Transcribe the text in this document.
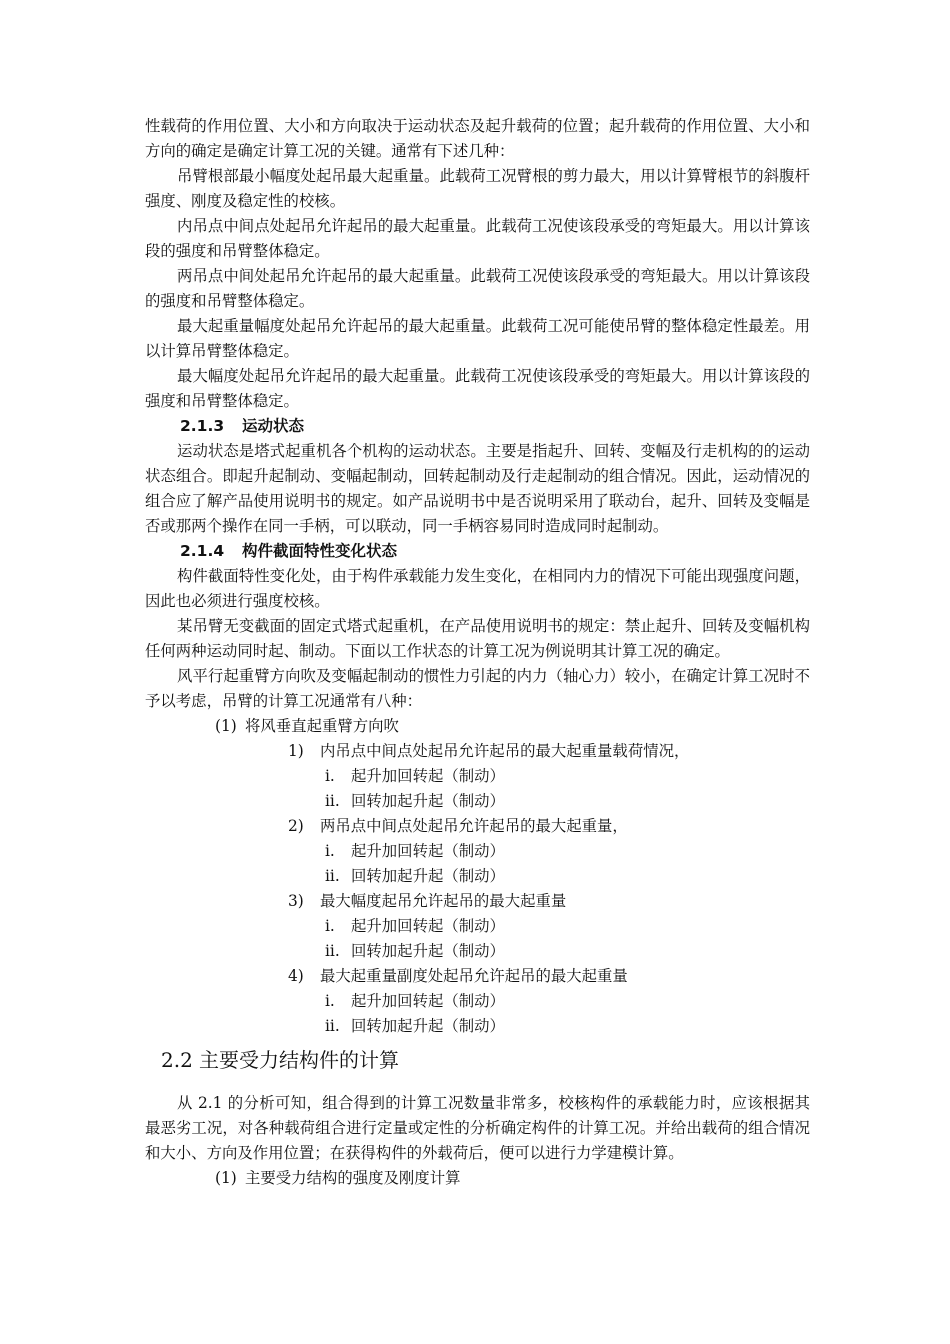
性载荷的作用位置、大小和方向取决于运动状态及起升载荷的位置；起升载荷的作用位置、大小和方向的确定是确定计算工况的关键。通常有下述几种：

吊臂根部最小幅度处起吊最大起重量。此载荷工况臂根的剪力最大，用以计算臂根节的斜腹杆强度、刚度及稳定性的校核。

内吊点中间点处起吊允许起吊的最大起重量。此载荷工况使该段承受的弯矩最大。用以计算该段的强度和吊臂整体稳定。

两吊点中间处起吊允许起吊的最大起重量。此载荷工况使该段承受的弯矩最大。用以计算该段的强度和吊臂整体稳定。

最大起重量幅度处起吊允许起吊的最大起重量。此载荷工况可能使吊臂的整体稳定性最差。用以计算吊臂整体稳定。

最大幅度处起吊允许起吊的最大起重量。此载荷工况使该段承受的弯矩最大。用以计算该段的强度和吊臂整体稳定。

2.1.3 运动状态

运动状态是塔式起重机各个机构的运动状态。主要是指起升、回转、变幅及行走机构的的运动状态组合。即起升起制动、变幅起制动，回转起制动及行走起制动的组合情况。因此，运动情况的组合应了解产品使用说明书的规定。如产品说明书中是否说明采用了联动台，起升、回转及变幅是否或那两个操作在同一手柄，可以联动，同一手柄容易同时造成同时起制动。

2.1.4 构件截面特性变化状态

构件截面特性变化处，由于构件承载能力发生变化，在相同内力的情况下可能出现强度问题，因此也必须进行强度校核。

某吊臂无变截面的固定式塔式起重机，在产品使用说明书的规定：禁止起升、回转及变幅机构任何两种运动同时起、制动。下面以工作状态的计算工况为例说明其计算工况的确定。

风平行起重臂方向吹及变幅起制动的惯性力引起的内力（轴心力）较小，在确定计算工况时不予以考虑，吊臂的计算工况通常有八种：

(1) 将风垂直起重臂方向吹
1) 内吊点中间点处起吊允许起吊的最大起重量载荷情况，
i. 起升加回转起（制动）
ii. 回转加起升起（制动）
2) 两吊点中间点处起吊允许起吊的最大起重量，
i. 起升加回转起（制动）
ii. 回转加起升起（制动）
3) 最大幅度起吊允许起吊的最大起重量
i. 起升加回转起（制动）
ii. 回转加起升起（制动）
4) 最大起重量副度处起吊允许起吊的最大起重量
i. 起升加回转起（制动）
ii. 回转加起升起（制动）
2.2 主要受力结构件的计算

从 2.1 的分析可知，组合得到的计算工况数量非常多，校核构件的承载能力时，应该根据其最恶劣工况，对各种载荷组合进行定量或定性的分析确定构件的计算工况。并给出载荷的组合情况和大小、方向及作用位置；在获得构件的外载荷后，便可以进行力学建模计算。

(1) 主要受力结构的强度及刚度计算
